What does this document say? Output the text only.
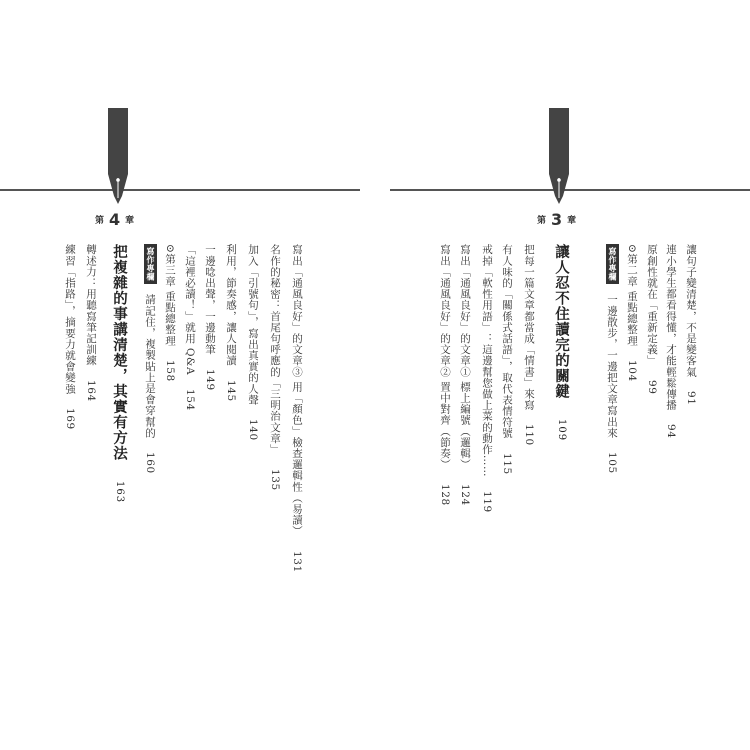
第 4 章	第 3 章
寫出「通風良好」的文章③ 用「顏色」檢查邏輯性（易讀） 131
名作的秘密：首尾句呼應的「三明治文章」 135
加入「引號句」，寫出真實的人聲 140
利用，節奏感，讓人閱讀 145
一邊唸出聲，一邊動筆 149
「這裡必讀！」就用 Q&A 154
⊙第三章 重點總整理 158
寫作專欄 請記住，複製貼上是會穿幫的 160
把複雜的事講清楚，其實有方法 163
轉述力：用聽寫筆記訓練 164
練習「指路」，摘要力就會變強 169
讓句子變清楚，不是變客氣 91
連小學生都看得懂，才能輕鬆傳播 94
原創性就在「重新定義」 99
⊙第二章 重點總整理 104
寫作專欄 一邊散步，一邊把文章寫出來 105
讓人忍不住讀完的關鍵 109
把每一篇文章都當成「情書」來寫 110
有人味的「關係式話語」，取代表情符號 115
戒掉「軟性用語」：這邊幫您做上菜的動作…… 119
寫出「通風良好」的文章① 標上編號（邏輯） 124
寫出「通風良好」的文章② 置中對齊（節奏） 128
